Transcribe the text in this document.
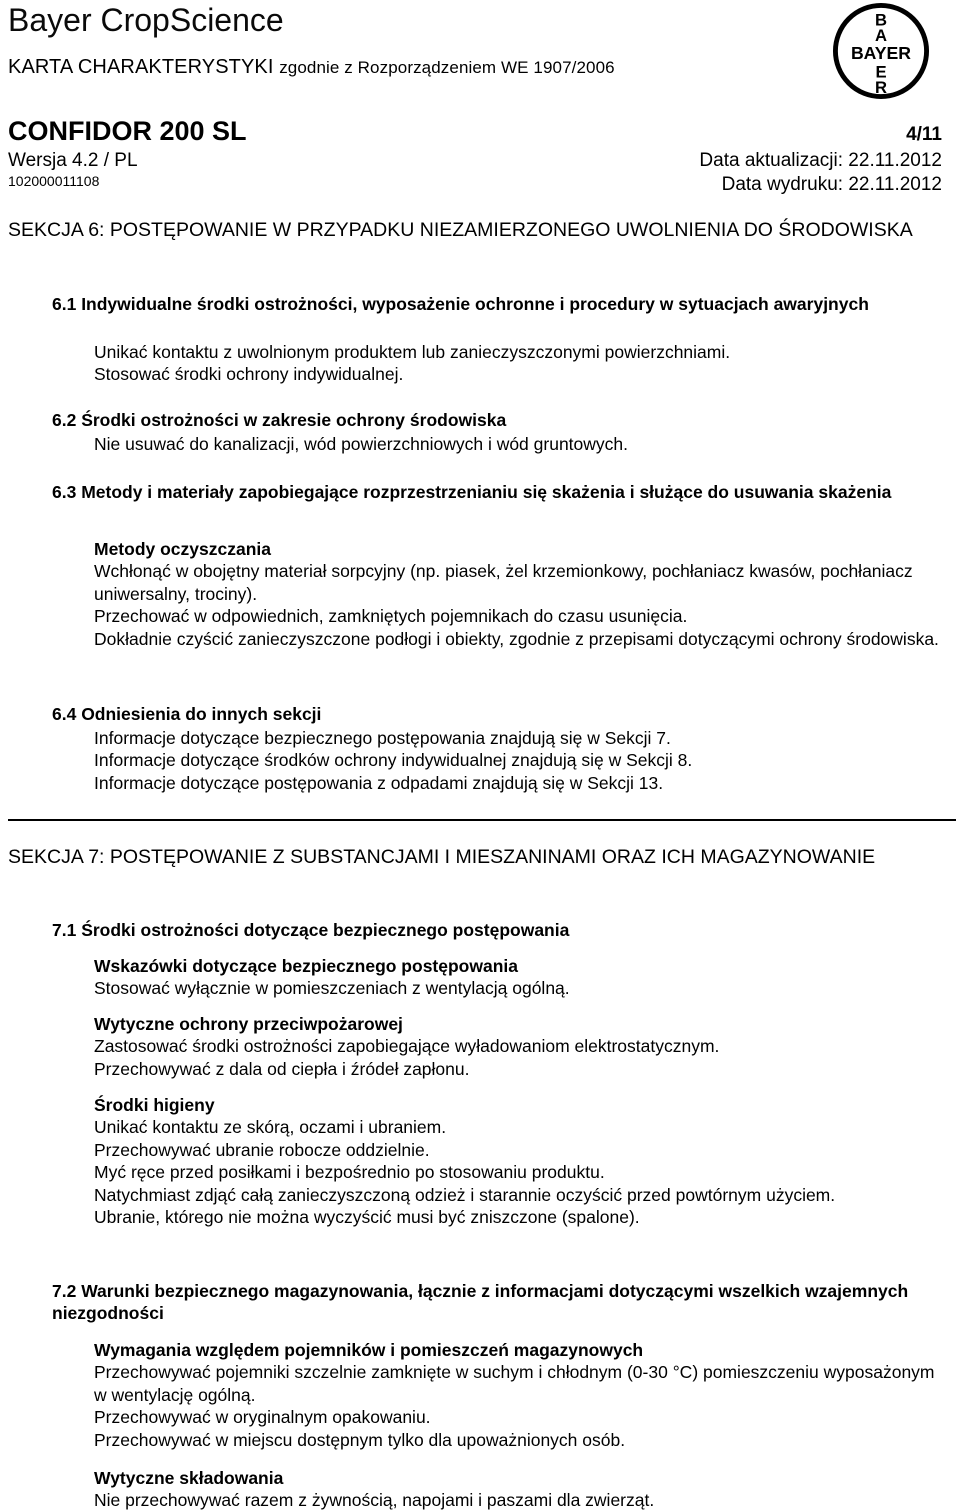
Bayer CropScience
KARTA CHARAKTERYSTYKI zgodnie z Rozporządzeniem WE 1907/2006
CONFIDOR 200 SL	4/11
Wersja 4.2 / PL	Data aktualizacji: 22.11.2012
102000011108	Data wydruku: 22.11.2012
B
A
BAYER
E
R
SEKCJA 6: POSTĘPOWANIE W PRZYPADKU NIEZAMIERZONEGO UWOLNIENIA DO ŚRODOWISKA
6.1 Indywidualne środki ostrożności, wyposażenie ochronne i procedury w sytuacjach awaryjnych

Unikać kontaktu z uwolnionym produktem lub zanieczyszczonymi powierzchniami.

Stosować środki ochrony indywidualnej.

6.2 Środki ostrożności w zakresie ochrony środowiska

Nie usuwać do kanalizacji, wód powierzchniowych i wód gruntowych.

6.3 Metody i materiały zapobiegające rozprzestrzenianiu się skażenia i służące do usuwania skażenia

Metody oczyszczania

Wchłonąć w obojętny materiał sorpcyjny (np. piasek, żel krzemionkowy, pochłaniacz kwasów, pochłaniacz uniwersalny, trociny).

Przechować w odpowiednich, zamkniętych pojemnikach do czasu usunięcia.

Dokładnie czyścić zanieczyszczone podłogi i obiekty, zgodnie z przepisami dotyczącymi ochrony środowiska.

6.4 Odniesienia do innych sekcji

Informacje dotyczące bezpiecznego postępowania znajdują się w Sekcji 7.

Informacje dotyczące środków ochrony indywidualnej znajdują się w Sekcji 8.

Informacje dotyczące postępowania z odpadami znajdują się w Sekcji 13.

SEKCJA 7: POSTĘPOWANIE Z SUBSTANCJAMI I MIESZANINAMI ORAZ ICH MAGAZYNOWANIE
7.1 Środki ostrożności dotyczące bezpiecznego postępowania

Wskazówki dotyczące bezpiecznego postępowania

Stosować wyłącznie w pomieszczeniach z wentylacją ogólną.

Wytyczne ochrony przeciwpożarowej

Zastosować środki ostrożności zapobiegające wyładowaniom elektrostatycznym.

Przechowywać z dala od ciepła i źródeł zapłonu.

Środki higieny

Unikać kontaktu ze skórą, oczami i ubraniem.

Przechowywać ubranie robocze oddzielnie.

Myć ręce przed posiłkami i bezpośrednio po stosowaniu produktu.

Natychmiast zdjąć całą zanieczyszczoną odzież i starannie oczyścić przed powtórnym użyciem.

Ubranie, którego nie można wyczyścić musi być zniszczone (spalone).

7.2 Warunki bezpiecznego magazynowania, łącznie z informacjami dotyczącymi wszelkich wzajemnych niezgodności

Wymagania względem pojemników i pomieszczeń magazynowych

Przechowywać pojemniki szczelnie zamknięte w suchym i chłodnym (0-30 °C) pomieszczeniu wyposażonym w wentylację ogólną.

Przechowywać w oryginalnym opakowaniu.

Przechowywać w miejscu dostępnym tylko dla upoważnionych osób.

Wytyczne składowania

Nie przechowywać razem z żywnością, napojami i paszami dla zwierząt.
